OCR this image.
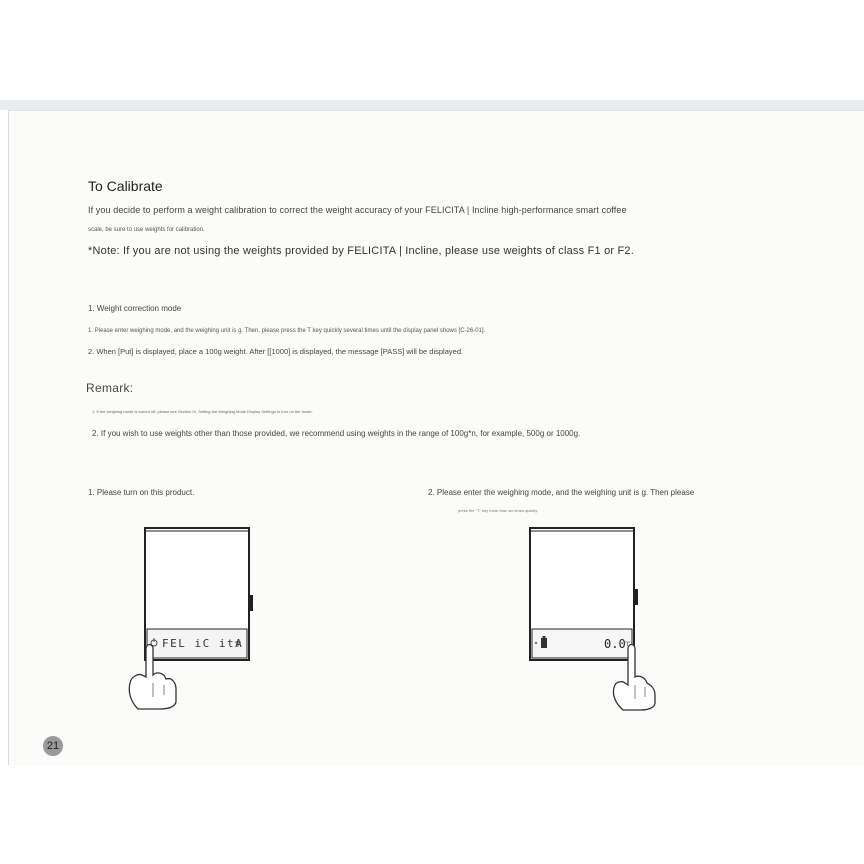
To Calibrate
If you decide to perform a weight calibration to correct the weight accuracy of your FELICITA | Incline high-performance smart coffee
scale, be sure to use weights for calibration.
*Note: If you are not using the weights provided by FELICITA | Incline, please use weights of class F1 or F2.
1. Weight correction mode
1. Please enter weighing mode, and the weighing unit is g. Then, please press the T key quickly several times until the display panel shows [C-26-01].
2. When [Put] is displayed, place a 100g weight. After [[1000] is displayed, the message [PASS] will be displayed.
Remark:
1. If the weighing mode is turned off, please see Section IV, Setting the Weighing Mode Display Settings to turn on the mode.
2. If you wish to use weights other than those provided, we recommend using weights in the range of 100g*n, for example, 500g or 1000g.
1. Please turn on this product.	2. Please enter the weighing mode, and the weighing unit is g. Then please
press the "T" key more than six times quickly.
FEL iC itA	0.0
21
